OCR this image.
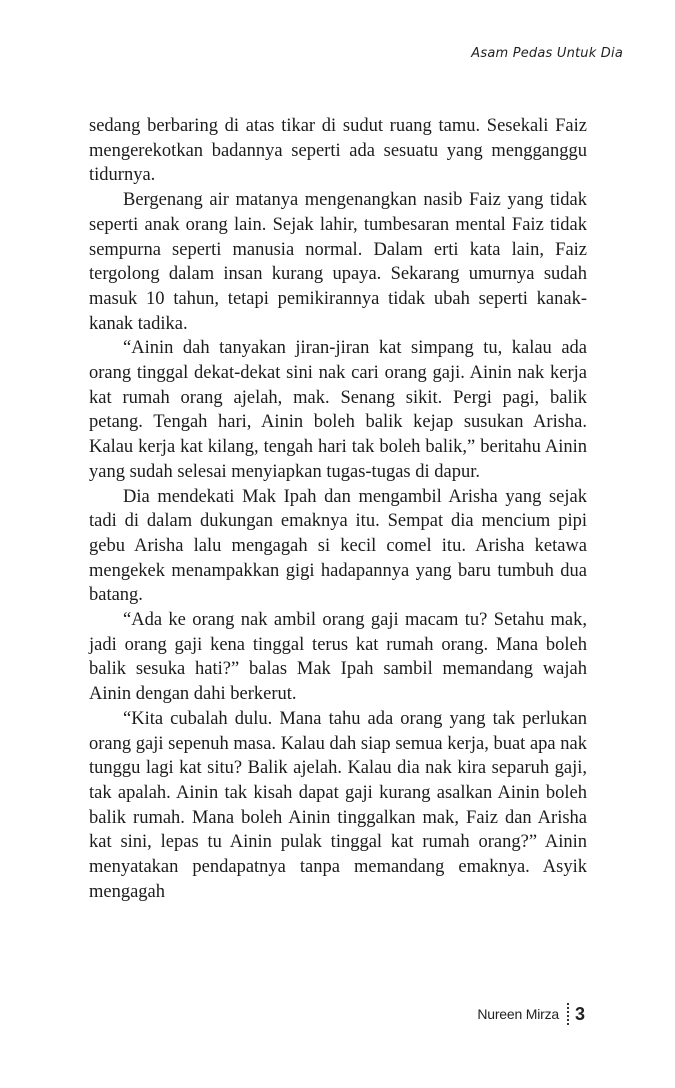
Asam Pedas Untuk Dia

sedang berbaring di atas tikar di sudut ruang tamu. Sesekali Faiz mengerekotkan badannya seperti ada sesuatu yang mengganggu tidurnya.

Bergenang air matanya mengenangkan nasib Faiz yang tidak seperti anak orang lain. Sejak lahir, tumbesaran mental Faiz tidak sempurna seperti manusia normal. Dalam erti kata lain, Faiz tergolong dalam insan kurang upaya. Sekarang umurnya sudah masuk 10 tahun, tetapi pemikirannya tidak ubah seperti kanak-kanak tadika.

“Ainin dah tanyakan jiran-jiran kat simpang tu, kalau ada orang tinggal dekat-dekat sini nak cari orang gaji. Ainin nak kerja kat rumah orang ajelah, mak. Senang sikit. Pergi pagi, balik petang. Tengah hari, Ainin boleh balik kejap susukan Arisha. Kalau kerja kat kilang, tengah hari tak boleh balik,” beritahu Ainin yang sudah selesai menyiapkan tugas-tugas di dapur.

Dia mendekati Mak Ipah dan mengambil Arisha yang sejak tadi di dalam dukungan emaknya itu. Sempat dia mencium pipi gebu Arisha lalu mengagah si kecil comel itu. Arisha ketawa mengekek menampakkan gigi hadapannya yang baru tumbuh dua batang.

“Ada ke orang nak ambil orang gaji macam tu? Setahu mak, jadi orang gaji kena tinggal terus kat rumah orang. Mana boleh balik sesuka hati?” balas Mak Ipah sambil memandang wajah Ainin dengan dahi berkerut.

“Kita cubalah dulu. Mana tahu ada orang yang tak perlukan orang gaji sepenuh masa. Kalau dah siap semua kerja, buat apa nak tunggu lagi kat situ? Balik ajelah. Kalau dia nak kira separuh gaji, tak apalah. Ainin tak kisah dapat gaji kurang asalkan Ainin boleh balik rumah. Mana boleh Ainin tinggalkan mak, Faiz dan Arisha kat sini, lepas tu Ainin pulak tinggal kat rumah orang?” Ainin menyatakan pendapatnya tanpa memandang emaknya. Asyik mengagah

Nureen Mirza 3
